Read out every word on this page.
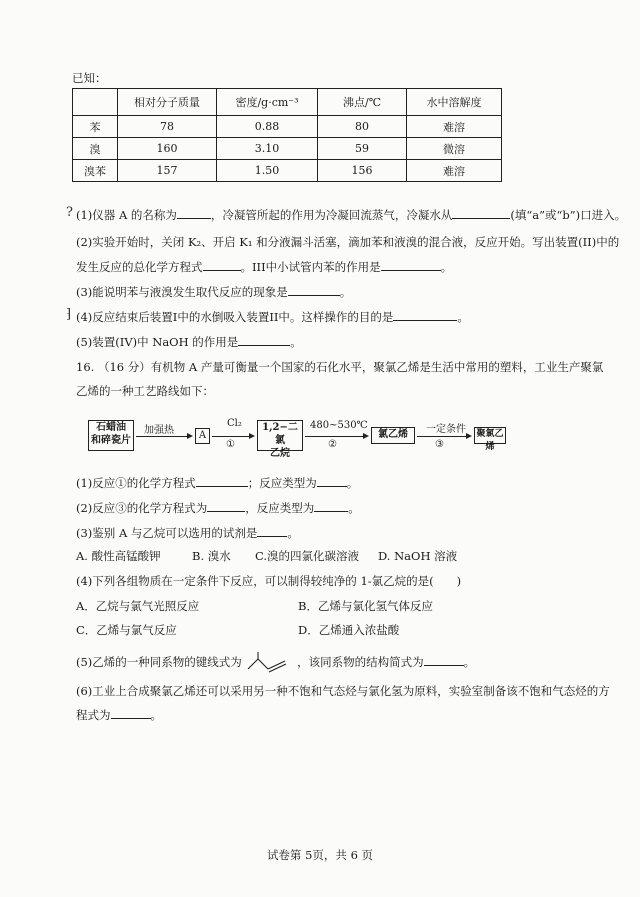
已知：
	相对分子质量	密度/g·cm⁻³	沸点/℃	水中溶解度
苯	78	0.88	80	难溶
溴	160	3.10	59	微溶
溴苯	157	1.50	156	难溶
? (1)仪器 A 的名称为	，冷凝管所起的作用为冷凝回流蒸气，冷凝水从	(填“a”或“b”)口进入。
(2)实验开始时，关闭 K₂、开启 K₁ 和分液漏斗活塞，滴加苯和液溴的混合液，反应开始。写出装置(II)中的
发生反应的总化学方程式	。III中小试管内苯的作用是	。
(3)能说明苯与液溴发生取代反应的现象是	。
⁆ (4)反应结束后装置I中的水倒吸入装置II中。这样操作的目的是	。
(5)装置(IV)中 NaOH 的作用是	。
16. （16 分）有机物 A 产量可衡量一个国家的石化水平，聚氯乙烯是生活中常用的塑料，工业生产聚氯
乙烯的一种工艺路线如下：
石蜡油
和碎瓷片
加强热	A
Cl₂
①
1,2−二氯
乙烷
480~530℃
②
氯乙烯	一定条件
③
聚氯乙烯
(1)反应①的化学方程式	；反应类型为	。
(2)反应③的化学方程式为	，反应类型为	。
(3)鉴别 A 与乙烷可以选用的试剂是	。
A. 酸性高锰酸钾	B. 溴水 C.溴的四氯化碳溶液 D. NaOH 溶液
(4)下列各组物质在一定条件下反应，可以制得较纯净的 1-氯乙烷的是(　　)
A．乙烷与氯气光照反应	B．乙烯与氯化氢气体反应
C．乙烯与氯气反应	D．乙烯通入浓盐酸
(5)乙烯的一种同系物的键线式为	，该同系物的结构简式为	。
(6)工业上合成聚氯乙烯还可以采用另一种不饱和气态烃与氯化氢为原料，实验室制备该不饱和气态烃的方
程式为	。
试卷第 5页，共 6 页
